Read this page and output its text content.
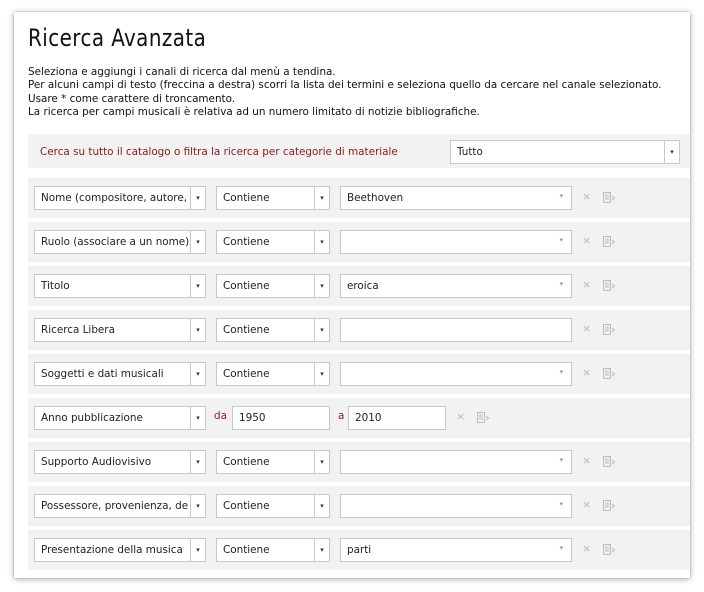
Ricerca Avanzata
Seleziona e aggiungi i canali di ricerca dal menù a tendina.
Per alcuni campi di testo (freccina a destra) scorri la lista dei termini e seleziona quello da cercare nel canale selezionato.
Usare * come carattere di troncamento.
La ricerca per campi musicali è relativa ad un numero limitato di notizie bibliografiche.
Cerca su tutto il catalogo o filtra la ricerca per categorie di materiale	Tutto	▾
Nome (compositore, autore,	▾	Contiene	▾	Beethoven	▾ ×
Ruolo (associare a un nome)	▾	Contiene	▾	▾ ×
Titolo	▾	Contiene	▾	eroica	▾ ×
Ricerca Libera	▾	Contiene	▾	×
Soggetti e dati musicali	▾	Contiene	▾	▾ ×
Anno pubblicazione	▾	da 1950	a 2010	×
Supporto Audiovisivo	▾	Contiene	▾	▾ ×
Possessore, provenienza, de	▾	Contiene	▾	▾ ×
Presentazione della musica	▾	Contiene	▾	parti	▾ ×
